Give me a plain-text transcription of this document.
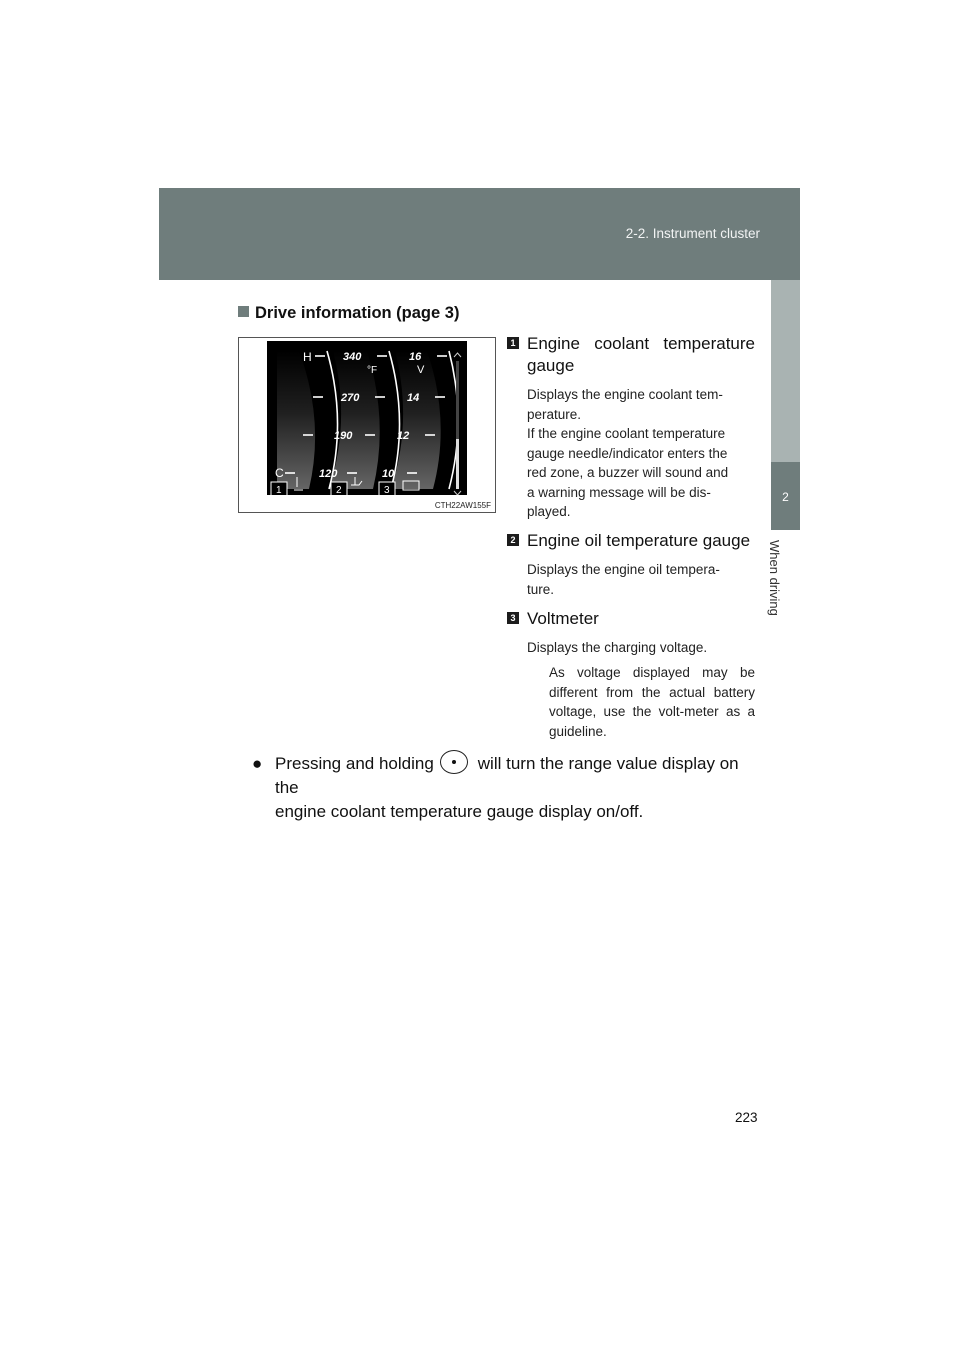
2-2. Instrument cluster
2
When driving
Drive information (page 3)
H
C
340
270
190
120
16
14
12
10
°F	V
1	2	3
CTH22AW155F
1 Engine coolant temperature gauge
Displays the engine coolant tem-
perature.
If the engine coolant temperature
gauge needle/indicator enters the
red zone, a buzzer will sound and
a warning message will be dis-
played.
2 Engine oil temperature gauge
Displays the engine oil tempera-
ture.
3 Voltmeter
Displays the charging voltage.
As voltage displayed may be different from the actual battery voltage, use the volt-meter as a guideline.
● Pressing and holding	will turn the range value display on the
engine coolant temperature gauge display on/off.
223
